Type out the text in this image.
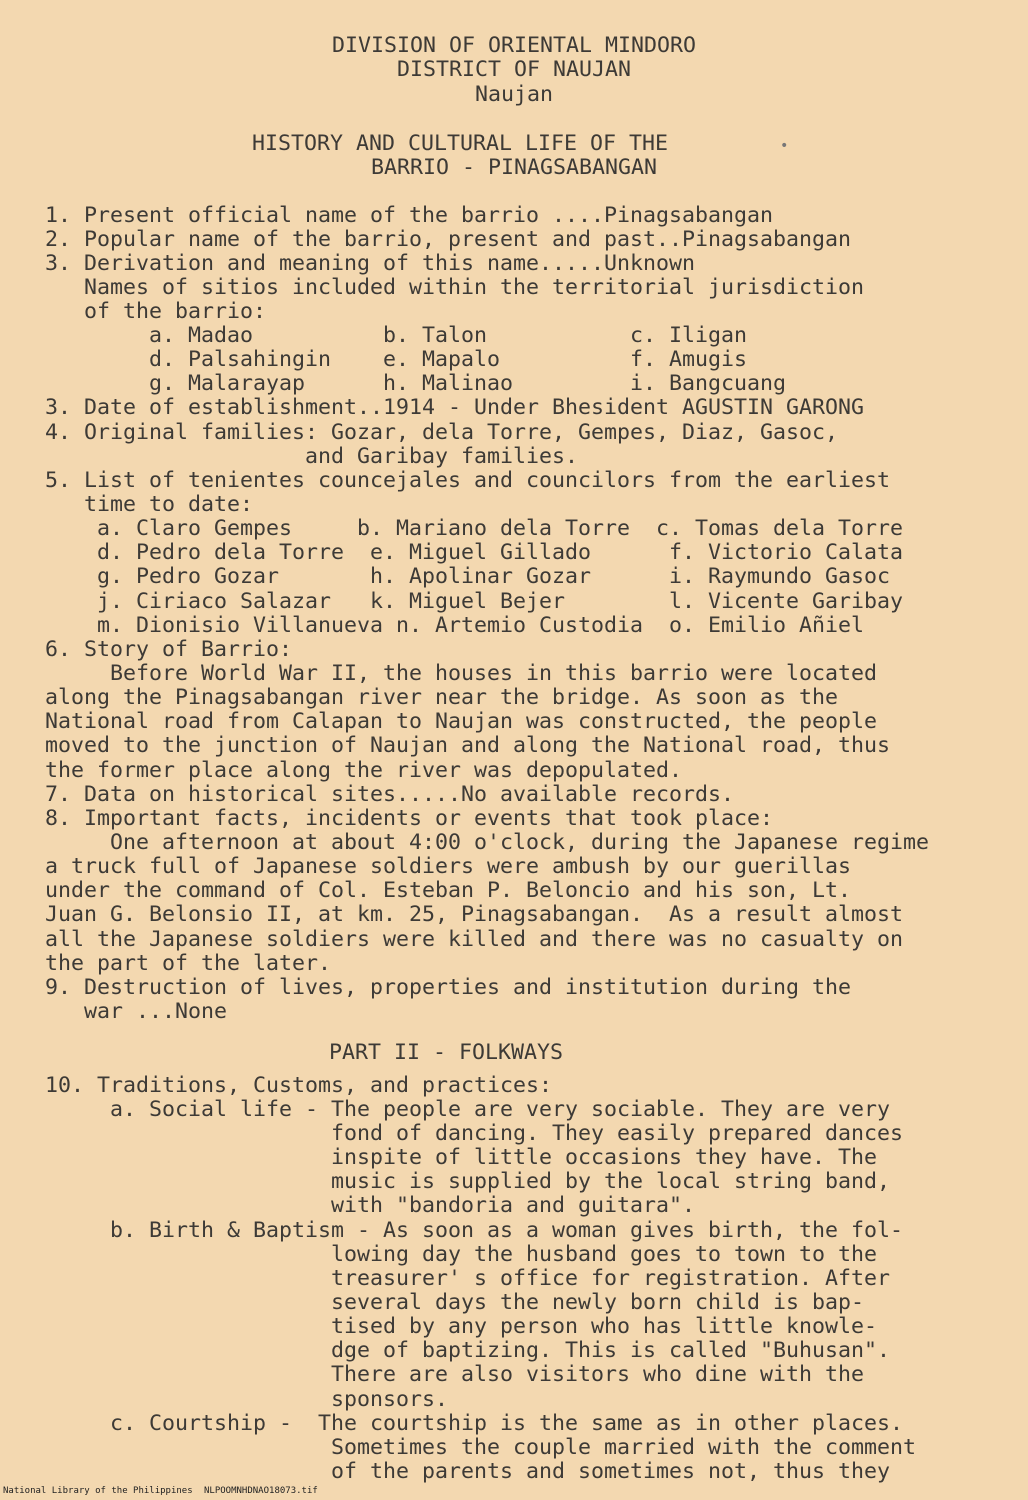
DIVISION OF ORIENTAL MINDORO
DISTRICT OF NAUJAN
Naujan
HISTORY AND CULTURAL LIFE OF THE
BARRIO - PINAGSABANGAN
1. Present official name of the barrio ....Pinagsabangan
2. Popular name of the barrio, present and past..Pinagsabangan
3. Derivation and meaning of this name.....Unknown
Names of sitios included within the territorial jurisdiction
of the barrio:
a. Madao          b. Talon           c. Iligan
d. Palsahingin    e. Mapalo          f. Amugis
g. Malarayap      h. Malinao         i. Bangcuang
3. Date of establishment..1914 - Under Bhesident AGUSTIN GARONG
4. Original families: Gozar, dela Torre, Gempes, Diaz, Gasoc,
and Garibay families.
5. List of tenientes councejales and councilors from the earliest
time to date:
a. Claro Gempes     b. Mariano dela Torre  c. Tomas dela Torre
d. Pedro dela Torre  e. Miguel Gillado      f. Victorio Calata
g. Pedro Gozar       h. Apolinar Gozar      i. Raymundo Gasoc
j. Ciriaco Salazar   k. Miguel Bejer        l. Vicente Garibay
m. Dionisio Villanueva n. Artemio Custodia  o. Emilio Añiel
6. Story of Barrio:
Before World War II, the houses in this barrio were located
along the Pinagsabangan river near the bridge. As soon as the
National road from Calapan to Naujan was constructed, the people
moved to the junction of Naujan and along the National road, thus
the former place along the river was depopulated.
7. Data on historical sites.....No available records.
8. Important facts, incidents or events that took place:
One afternoon at about 4:00 o'clock, during the Japanese regime
a truck full of Japanese soldiers were ambush by our guerillas
under the command of Col. Esteban P. Beloncio and his son, Lt.
Juan G. Belonsio II, at km. 25, Pinagsabangan.  As a result almost
all the Japanese soldiers were killed and there was no casualty on
the part of the later.
9. Destruction of lives, properties and institution during the
war ...None
PART II - FOLKWAYS
10. Traditions, Customs, and practices:
a. Social life - The people are very sociable. They are very
fond of dancing. They easily prepared dances
inspite of little occasions they have. The
music is supplied by the local string band,
with "bandoria and guitara".
b. Birth & Baptism - As soon as a woman gives birth, the fol-
lowing day the husband goes to town to the
treasurer' s office for registration. After
several days the newly born child is bap-
tised by any person who has little knowle-
dge of baptizing. This is called "Buhusan".
There are also visitors who dine with the
sponsors.
c. Courtship -  The courtship is the same as in other places.
Sometimes the couple married with the comment
of the parents and sometimes not, thus they
•
National Library of the Philippines NLPOOMNHDNAO18073.tif
